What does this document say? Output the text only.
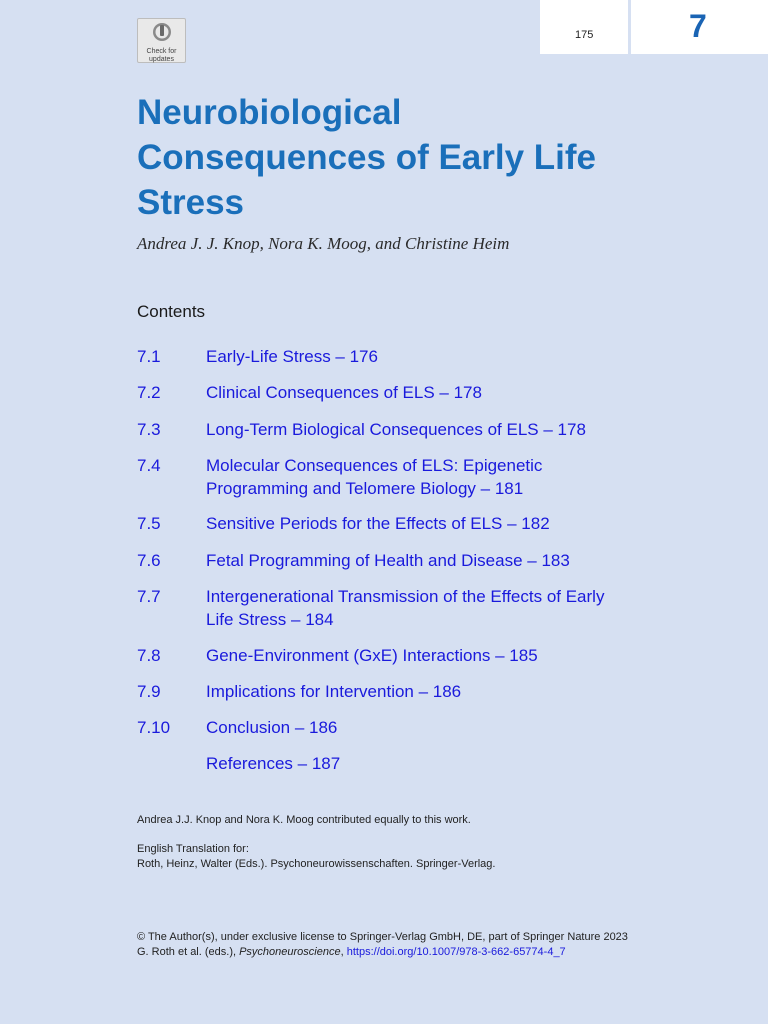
175	7
Check for
updates
Neurobiological
Consequences of Early Life
Stress
Andrea J. J. Knop, Nora K. Moog, and Christine Heim
Contents
7.1	Early-Life Stress – 176
7.2	Clinical Consequences of ELS – 178
7.3	Long-Term Biological Consequences of ELS – 178
7.4	Molecular Consequences of ELS: Epigenetic
Programming and Telomere Biology – 181
7.5	Sensitive Periods for the Effects of ELS – 182
7.6	Fetal Programming of Health and Disease – 183
7.7	Intergenerational Transmission of the Effects of Early
Life Stress – 184
7.8	Gene-Environment (GxE) Interactions – 185
7.9	Implications for Intervention – 186
7.10	Conclusion – 186
References – 187
Andrea J.J. Knop and Nora K. Moog contributed equally to this work.
English Translation for:
Roth, Heinz, Walter (Eds.). Psychoneurowissenschaften. Springer-Verlag.
© The Author(s), under exclusive license to Springer-Verlag GmbH, DE, part of Springer Nature 2023
G. Roth et al. (eds.), Psychoneuroscience, https://doi.org/10.1007/978-3-662-65774-4_7
